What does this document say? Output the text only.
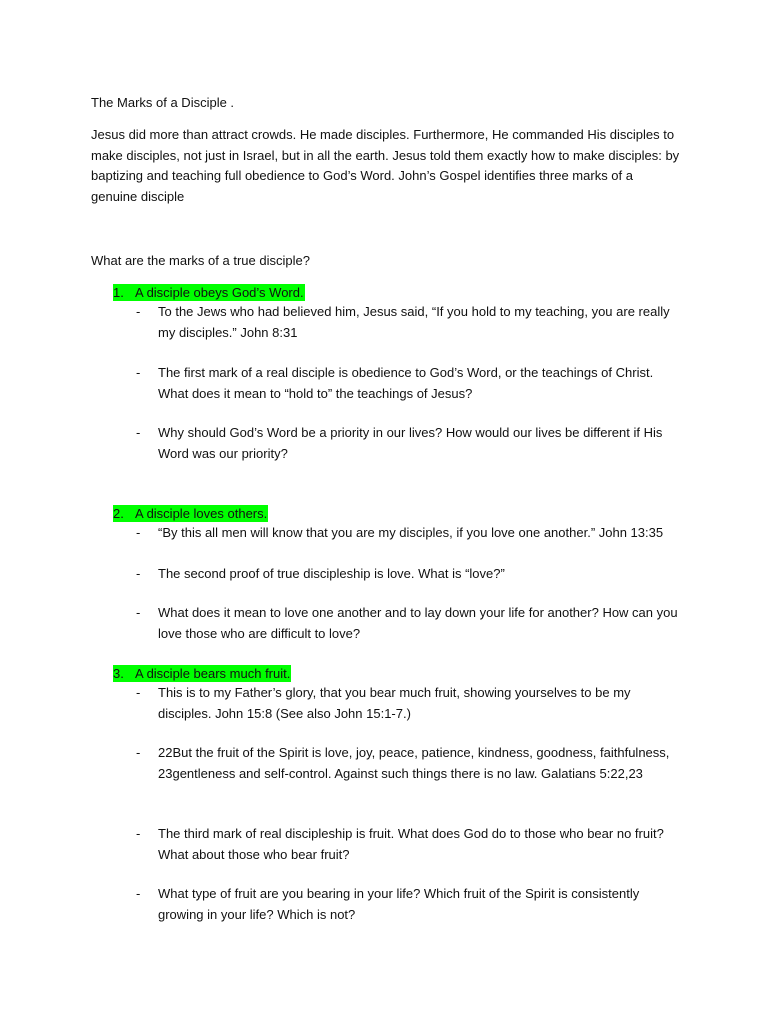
The Marks of a Disciple .

Jesus did more than attract crowds. He made disciples. Furthermore, He commanded His disciples to make disciples, not just in Israel, but in all the earth. Jesus told them exactly how to make disciples: by baptizing and teaching full obedience to God’s Word. John’s Gospel identifies three marks of a genuine disciple

What are the marks of a true disciple?

1. A disciple obeys God’s Word.

-	To the Jews who had believed him, Jesus said, “If you hold to my teaching, you are really my disciples.” John 8:31
-	The first mark of a real disciple is obedience to God’s Word, or the teachings of Christ. What does it mean to “hold to” the teachings of Jesus?
-	Why should God’s Word be a priority in our lives? How would our lives be different if His Word was our priority?

2. A disciple loves others.

-	“By this all men will know that you are my disciples, if you love one another.” John 13:35
-	The second proof of true discipleship is love. What is “love?”
-	What does it mean to love one another and to lay down your life for another? How can you love those who are difficult to love?

3. A disciple bears much fruit.

-	This is to my Father’s glory, that you bear much fruit, showing yourselves to be my disciples. John 15:8 (See also John 15:1-7.)
-	22But the fruit of the Spirit is love, joy, peace, patience, kindness, goodness, faithfulness, 23gentleness and self-control. Against such things there is no law. Galatians 5:22,23
-	The third mark of real discipleship is fruit. What does God do to those who bear no fruit? What about those who bear fruit?
-	What type of fruit are you bearing in your life? Which fruit of the Spirit is consistently growing in your life? Which is not?
